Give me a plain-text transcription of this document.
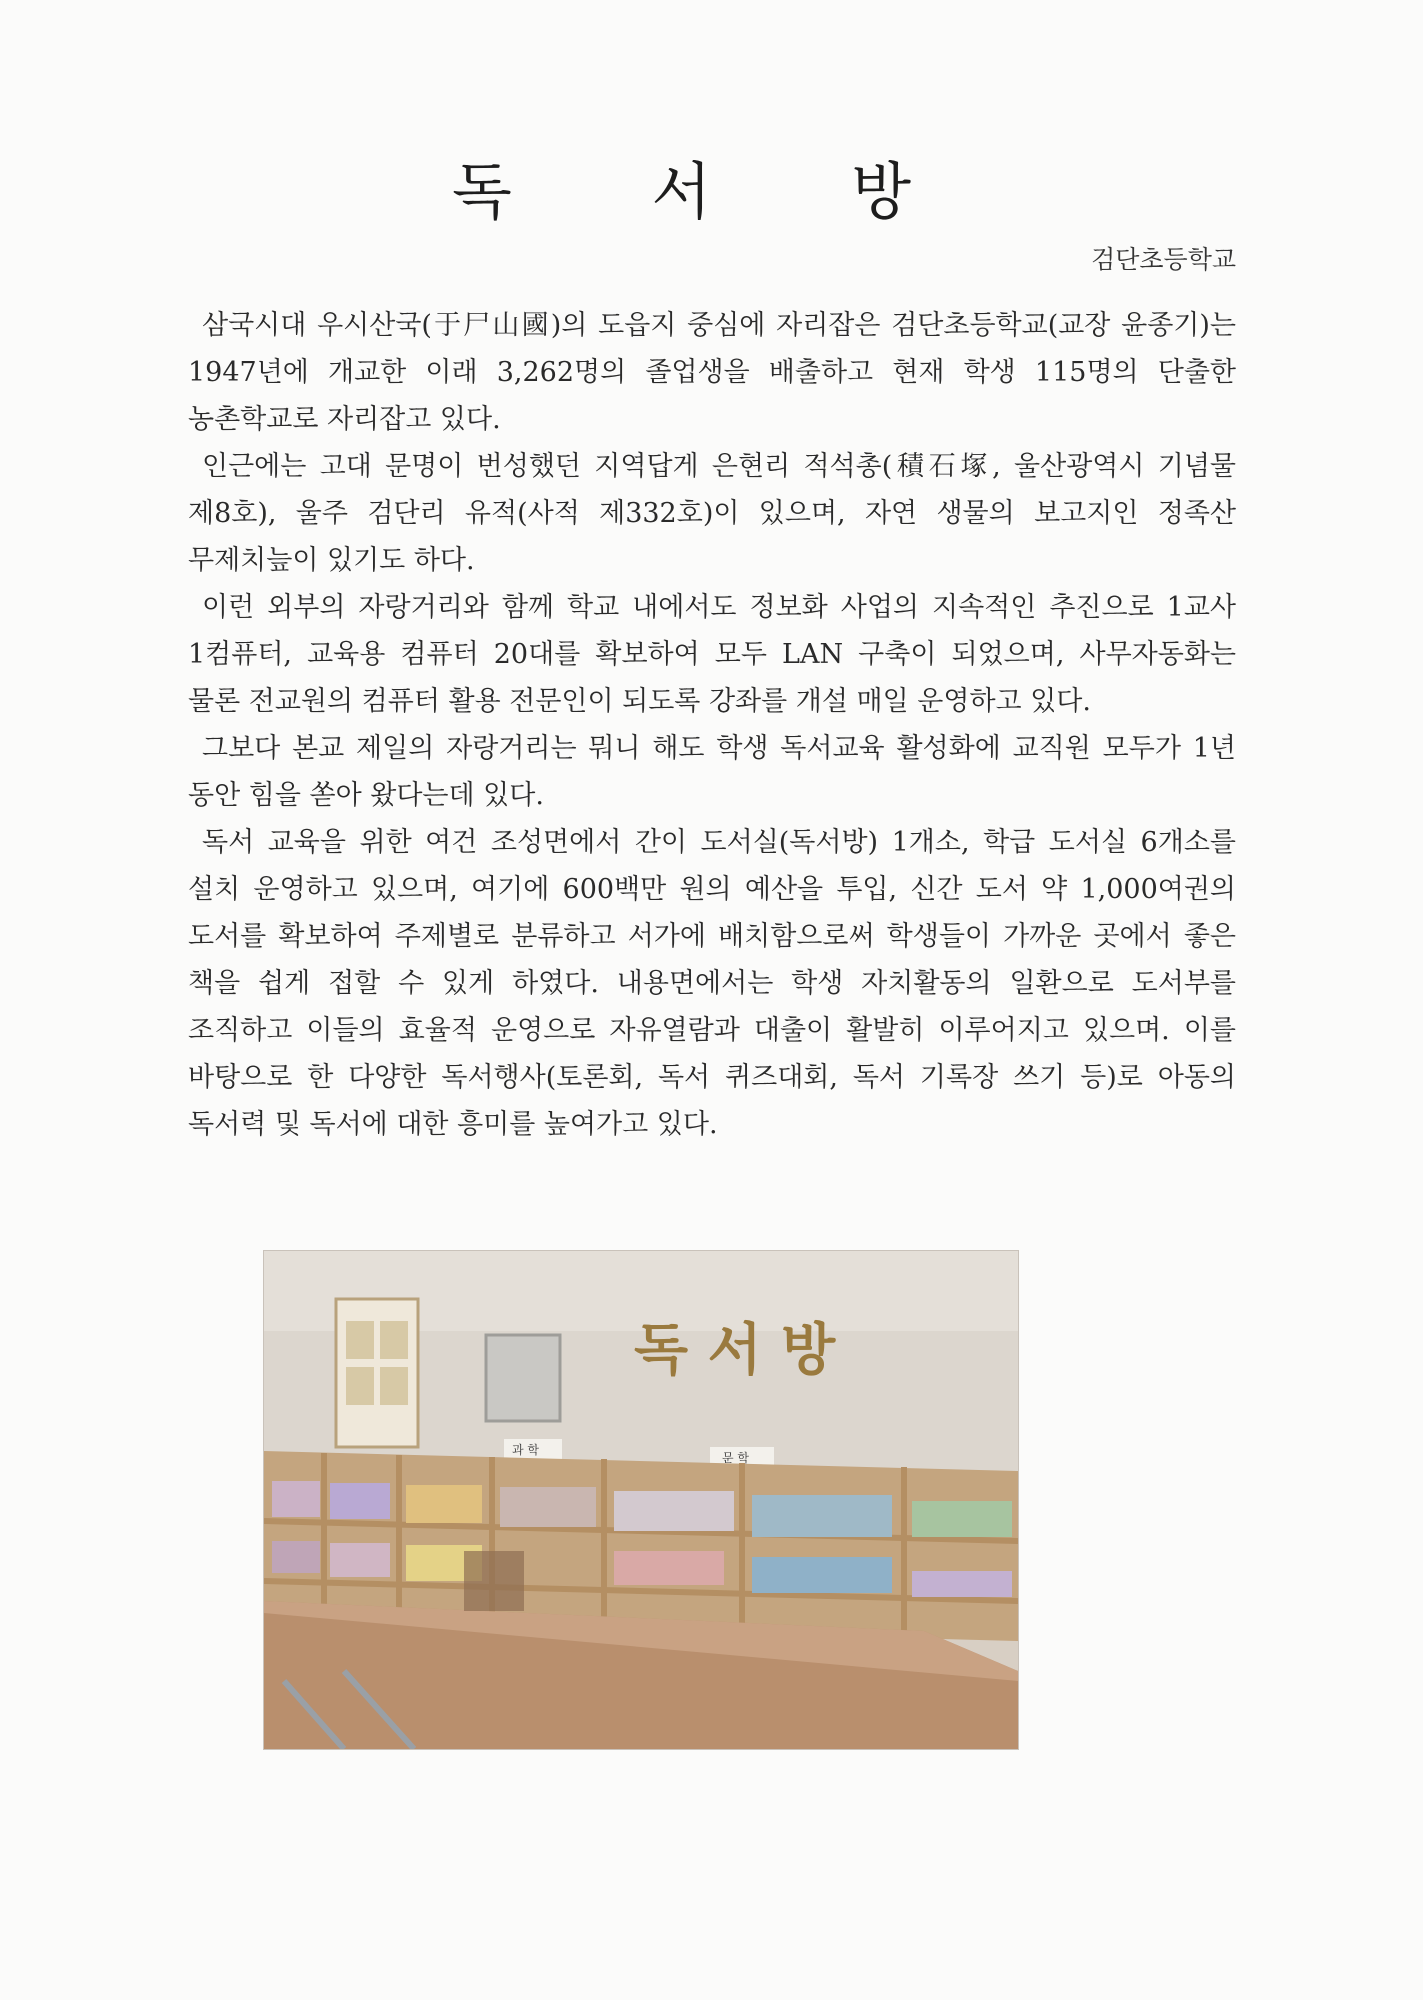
독 서 방
검단초등학교

삼국시대 우시산국(于尸山國)의 도읍지 중심에 자리잡은 검단초등학교(교장 윤종기)는 1947년에 개교한 이래 3,262명의 졸업생을 배출하고 현재 학생 115명의 단출한 농촌학교로 자리잡고 있다.

인근에는 고대 문명이 번성했던 지역답게 은현리 적석총(積石塚, 울산광역시 기념물 제8호), 울주 검단리 유적(사적 제332호)이 있으며, 자연 생물의 보고지인 정족산 무제치늪이 있기도 하다.

이런 외부의 자랑거리와 함께 학교 내에서도 정보화 사업의 지속적인 추진으로 1교사 1컴퓨터, 교육용 컴퓨터 20대를 확보하여 모두 LAN 구축이 되었으며, 사무자동화는 물론 전교원의 컴퓨터 활용 전문인이 되도록 강좌를 개설 매일 운영하고 있다.

그보다 본교 제일의 자랑거리는 뭐니 해도 학생 독서교육 활성화에 교직원 모두가 1년 동안 힘을 쏟아 왔다는데 있다.

독서 교육을 위한 여건 조성면에서 간이 도서실(독서방) 1개소, 학급 도서실 6개소를 설치 운영하고 있으며, 여기에 600백만 원의 예산을 투입, 신간 도서 약 1,000여권의 도서를 확보하여 주제별로 분류하고 서가에 배치함으로써 학생들이 가까운 곳에서 좋은 책을 쉽게 접할 수 있게 하였다. 내용면에서는 학생 자치활동의 일환으로 도서부를 조직하고 이들의 효율적 운영으로 자유열람과 대출이 활발히 이루어지고 있으며. 이를 바탕으로 한 다양한 독서행사(토론회, 독서 퀴즈대회, 독서 기록장 쓰기 등)로 아동의 독서력 및 독서에 대한 흥미를 높여가고 있다.

독 서 방
과 학
문 학
